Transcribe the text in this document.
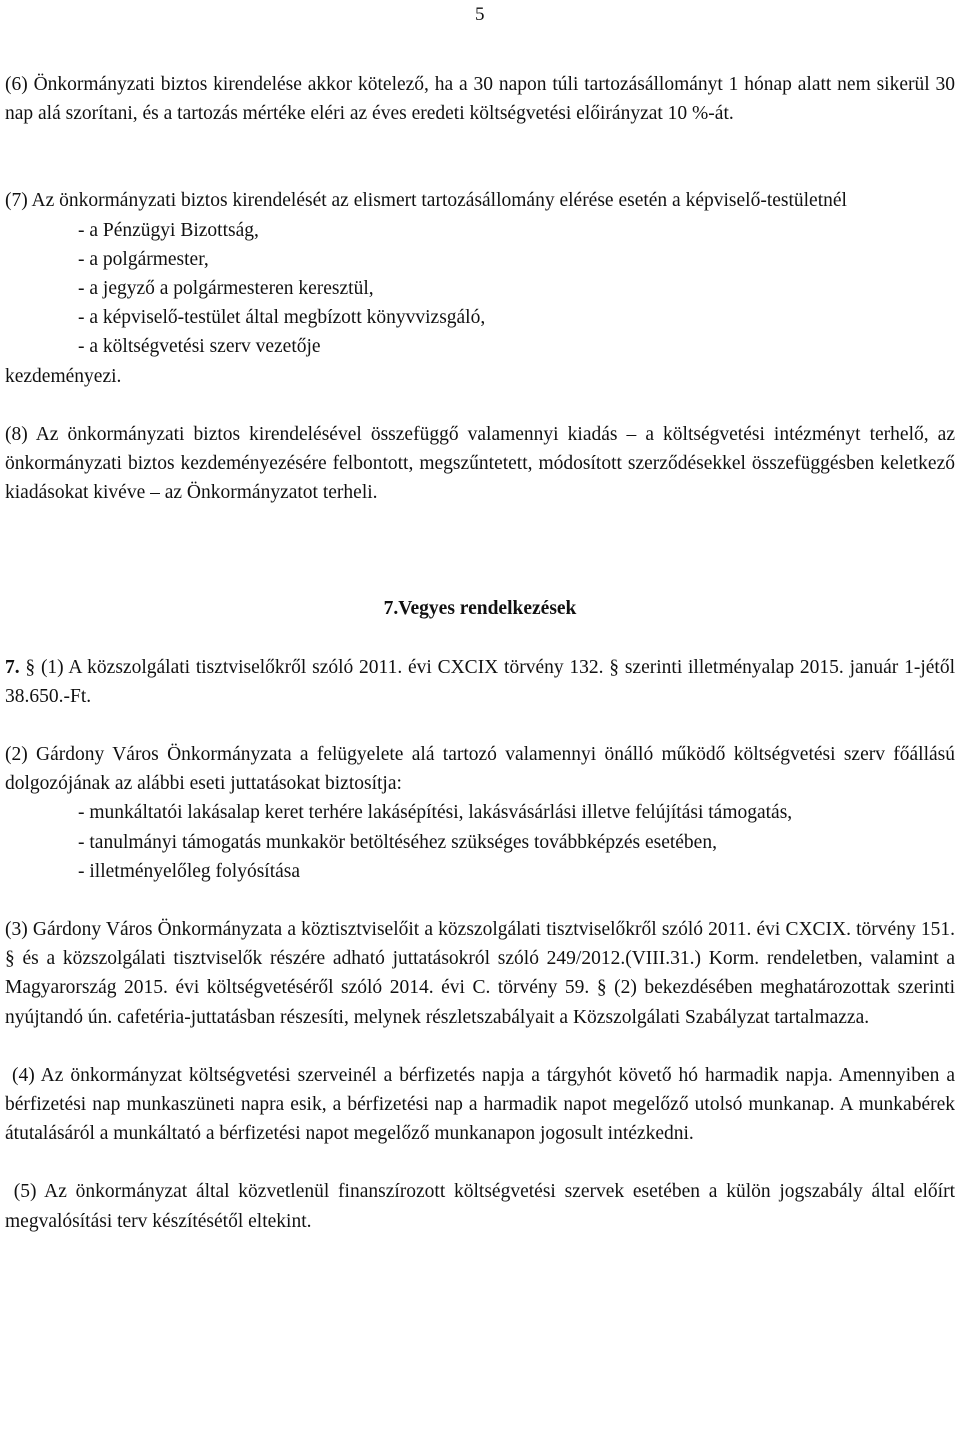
5

(6) Önkormányzati biztos kirendelése akkor kötelező, ha a 30 napon túli tartozásállományt 1 hónap alatt nem sikerül 30 nap alá szorítani, és a tartozás mértéke eléri az éves eredeti költségvetési előirányzat 10 %-át.

(7) Az önkormányzati biztos kirendelését az elismert tartozásállomány elérése esetén a képviselő-testületnél

- a Pénzügyi Bizottság,
- a polgármester,
- a jegyző a polgármesteren keresztül,
- a képviselő-testület által megbízott könyvvizsgáló,
- a költségvetési szerv vezetője

kezdeményezi.

(8) Az önkormányzati biztos kirendelésével összefüggő valamennyi kiadás – a költségvetési intézményt terhelő, az önkormányzati biztos kezdeményezésére felbontott, megszűntetett, módosított szerződésekkel összefüggésben keletkező kiadásokat kivéve – az Önkormányzatot terheli.

7.Vegyes rendelkezések

7. § (1) A közszolgálati tisztviselőkről szóló 2011. évi CXCIX törvény 132. § szerinti illetményalap 2015. január 1-jétől 38.650.-Ft.

(2) Gárdony Város Önkormányzata a felügyelete alá tartozó valamennyi önálló működő költségvetési szerv főállású dolgozójának az alábbi eseti juttatásokat biztosítja:

- munkáltatói lakásalap keret terhére lakásépítési, lakásvásárlási illetve felújítási támogatás,
- tanulmányi támogatás munkakör betöltéséhez szükséges továbbképzés esetében,
- illetményelőleg folyósítása

(3) Gárdony Város Önkormányzata a köztisztviselőit a közszolgálati tisztviselőkről szóló 2011. évi CXCIX. törvény 151. § és a közszolgálati tisztviselők részére adható juttatásokról szóló 249/2012.(VIII.31.) Korm. rendeletben, valamint a Magyarország 2015. évi költségvetéséről szóló 2014. évi C. törvény 59. § (2) bekezdésében meghatározottak szerinti nyújtandó ún. cafetéria-juttatásban részesíti, melynek részletszabályait a Közszolgálati Szabályzat tartalmazza.

(4) Az önkormányzat költségvetési szerveinél a bérfizetés napja a tárgyhót követő hó harmadik napja. Amennyiben a bérfizetési nap munkaszüneti napra esik, a bérfizetési nap a harmadik napot megelőző utolsó munkanap. A munkabérek átutalásáról a munkáltató a bérfizetési napot megelőző munkanapon jogosult intézkedni.

(5) Az önkormányzat által közvetlenül finanszírozott költségvetési szervek esetében a külön jogszabály által előírt megvalósítási terv készítésétől eltekint.
